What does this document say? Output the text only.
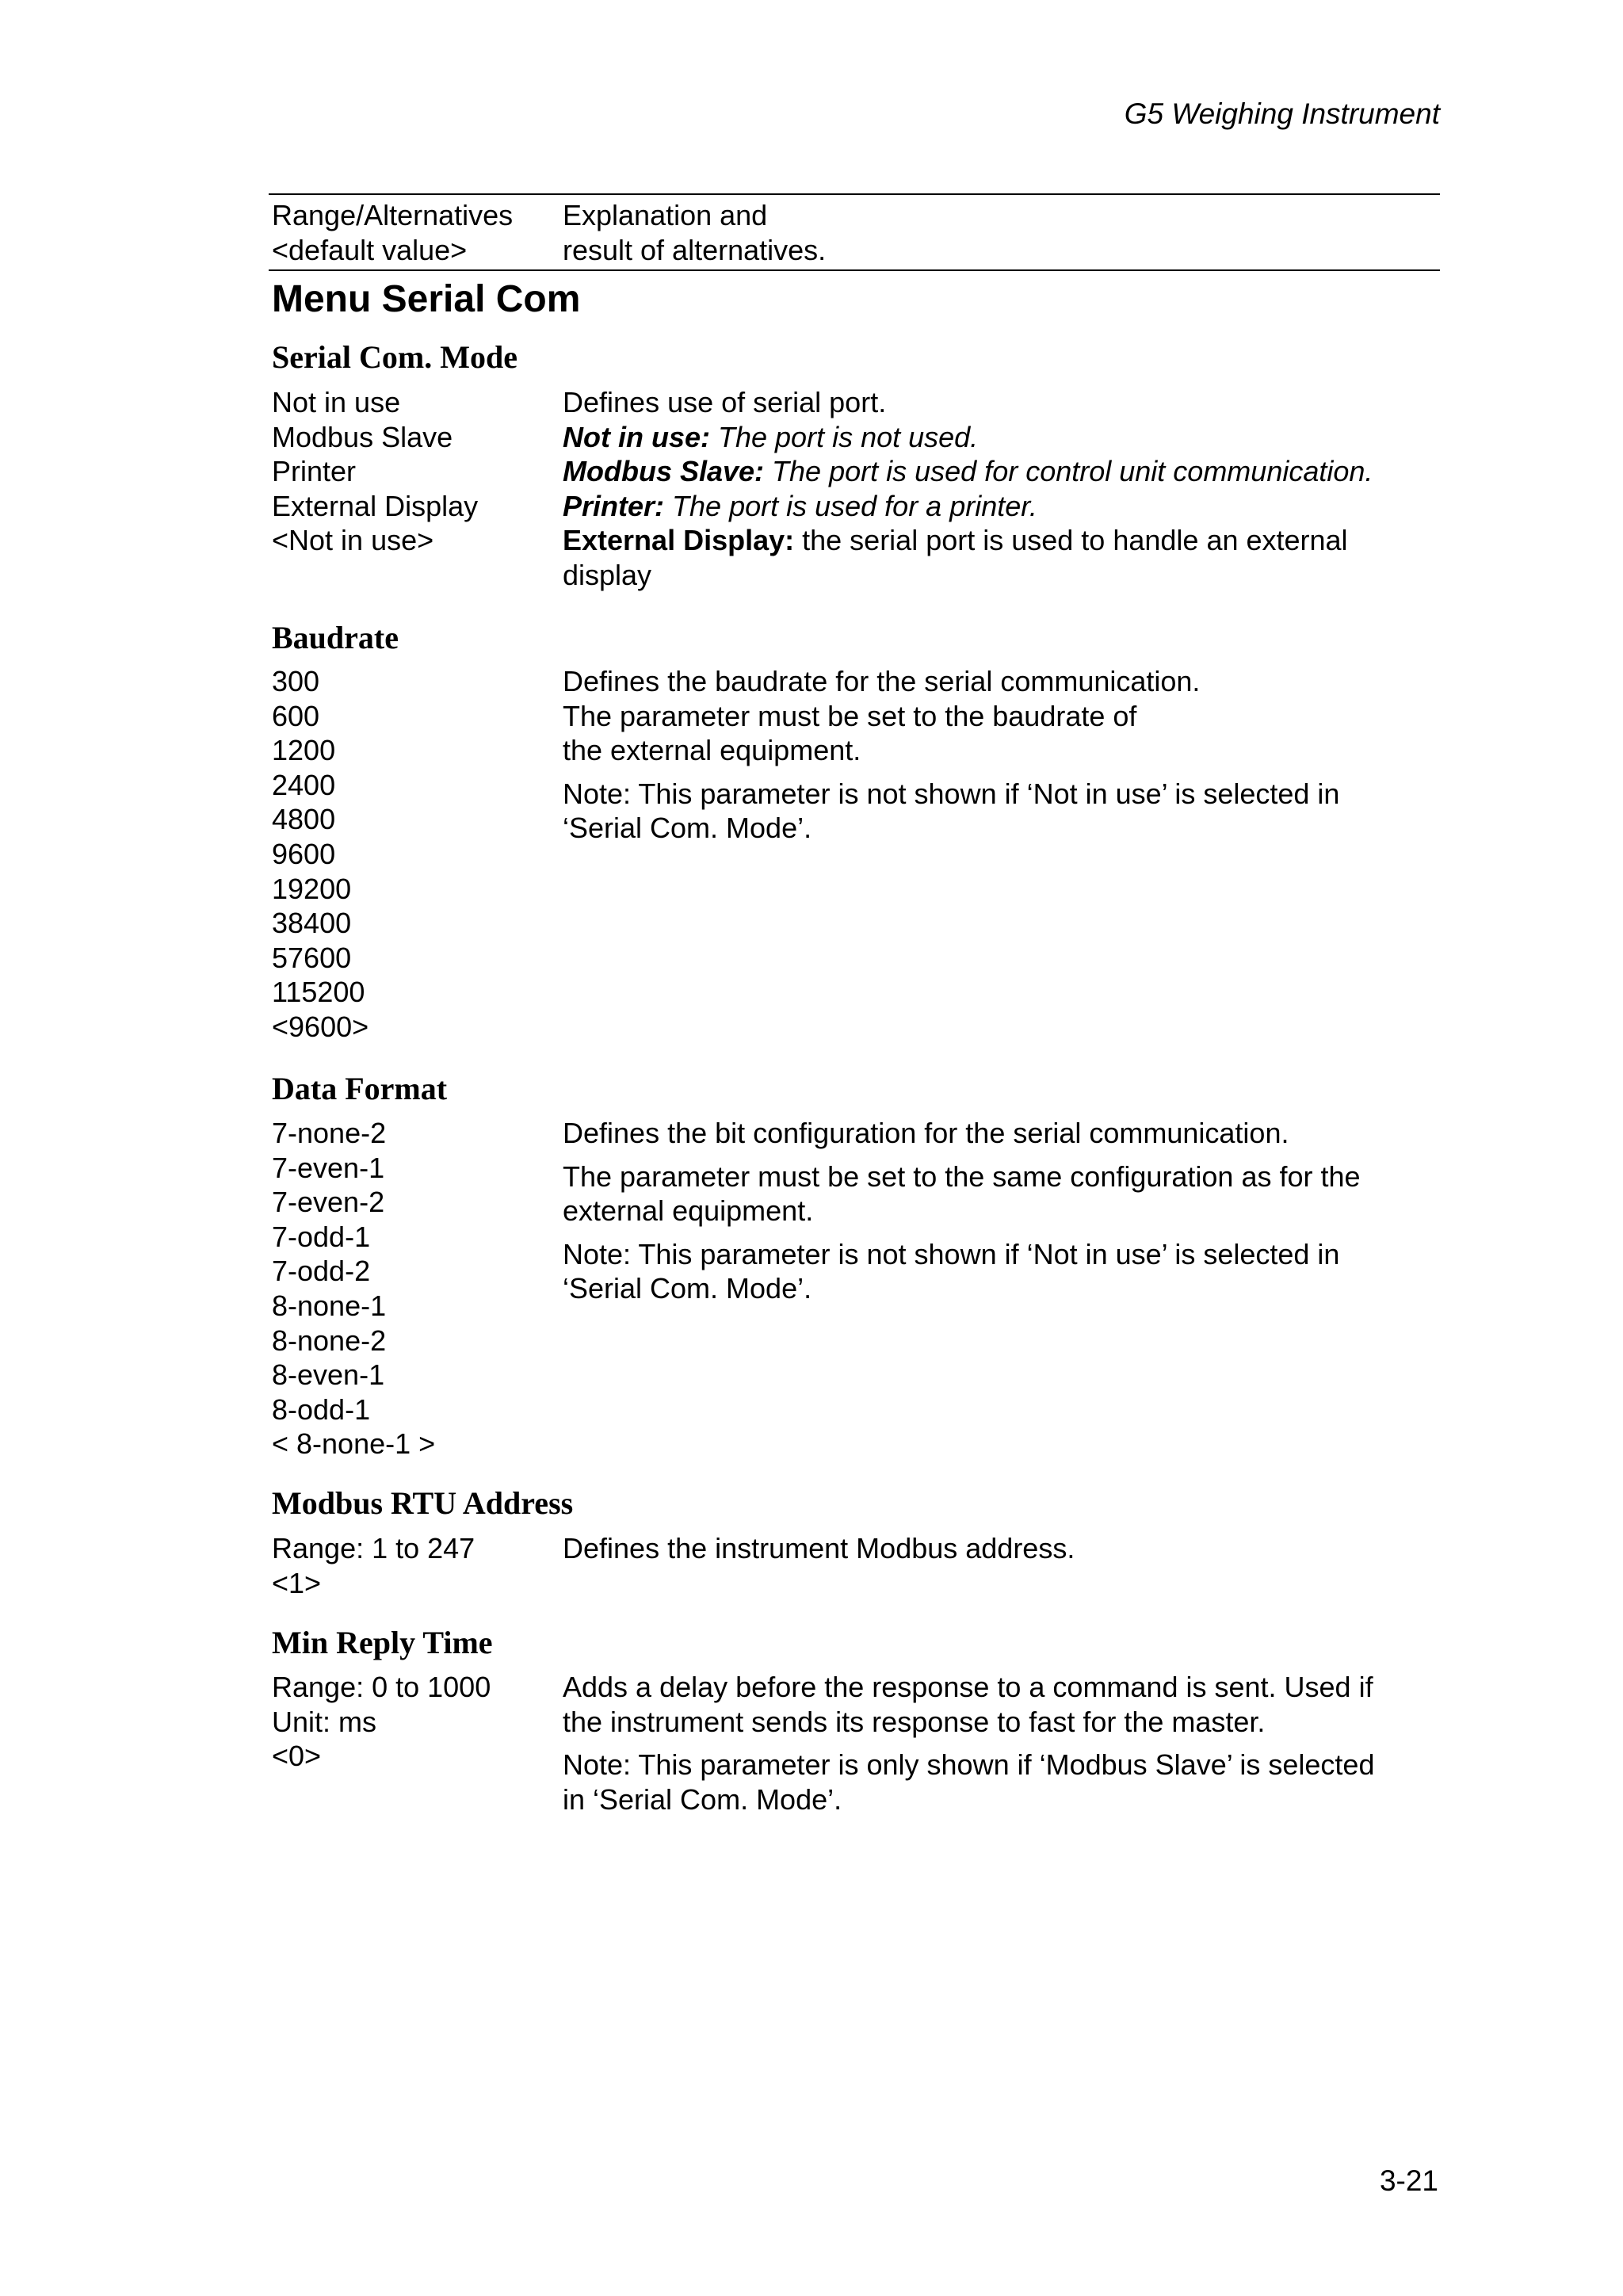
G5 Weighing Instrument
Range/Alternatives
<default value>
Explanation and
result of alternatives.
Menu Serial Com
Serial Com. Mode
Not in use
Modbus Slave
Printer
External Display
<Not in use>
Defines use of serial port.
Not in use: The port is not used.
Modbus Slave: The port is used for control unit communication.
Printer: The port is used for a printer.
External Display: the serial port is used to handle an external
display
Baudrate
300
600
1200
2400
4800
9600
19200
38400
57600
115200
<9600>

Defines the baudrate for the serial communication.
The parameter must be set to the baudrate of
the external equipment.

Note: This parameter is not shown if ‘Not in use’ is selected in
‘Serial Com. Mode’.

Data Format
7-none-2
7-even-1
7-even-2
7-odd-1
7-odd-2
8-none-1
8-none-2
8-even-1
8-odd-1
< 8-none-1 >

Defines the bit configuration for the serial communication.

The parameter must be set to the same configuration as for the
external equipment.

Note: This parameter is not shown if ‘Not in use’ is selected in
‘Serial Com. Mode’.

Modbus RTU Address
Range: 1 to 247
<1>
Defines the instrument Modbus address.
Min Reply Time
Range: 0 to 1000
Unit: ms
<0>

Adds a delay before the response to a command is sent. Used if
the instrument sends its response to fast for the master.

Note: This parameter is only shown if ‘Modbus Slave’ is selected
in ‘Serial Com. Mode’.

3-21
